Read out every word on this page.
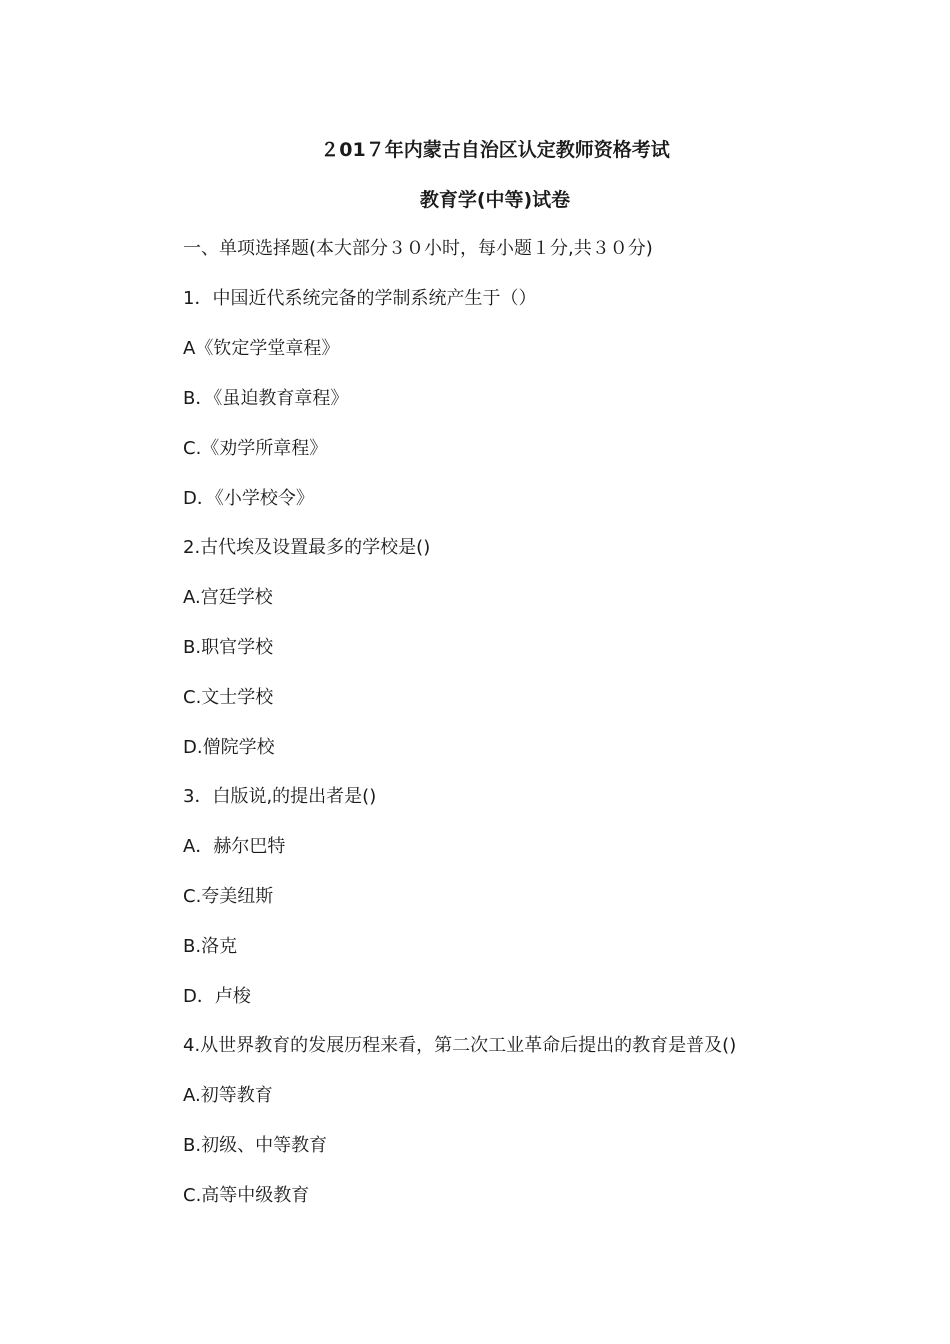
２01７年内蒙古自治区认定教师资格考试
教育学(中等)试卷
一、单项选择题(本大部分３０小时，每小题１分,共３０分)
1．中国近代系统完备的学制系统产生于（）
A《钦定学堂章程》
B．《虽迫教育章程》
C.《劝学所章程》
D．《小学校令》
2.古代埃及设置最多的学校是()
A.宫廷学校
B.职官学校
C.文士学校
D.僧院学校
3．白版说,的提出者是()
A．赫尔巴特
C.夸美纽斯
B.洛克
D．卢梭
4.从世界教育的发展历程来看，第二次工业革命后提出的教育是普及()
A.初等教育
B.初级、中等教育
C.高等中级教育
